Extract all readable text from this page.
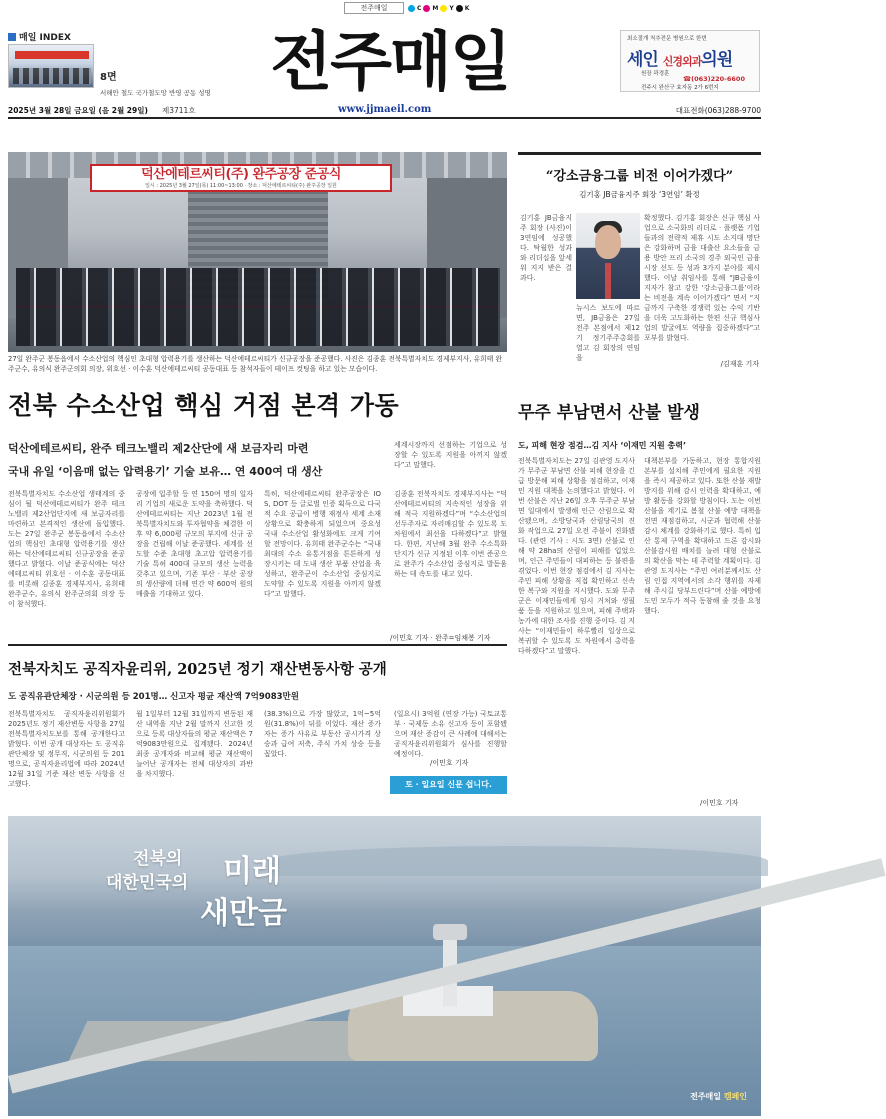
전주매일	C M Y K
매일 INDEX
8면
서해안 철도 국가철도망 반영 공동 성명 전주매일	최소절개 척추전문 병원으로 한번
세인 신경외과의원
원장 곽경훈
☎(063)220-6600
전주시 완산구 효자동 2가 6번지
2025년 3월 28일 금요일 (음 2월 29일) 제3711호	www.jjmaeil.com	대표전화(063)288-9700
덕산에테르씨티(주) 완주공장 준공식
일시 : 2025년 3월 27일(목) 11:00~13:00 · 장소 : 덕산에테르씨티(주) 완주공장 일원
27일 완주군 봉동읍에서 수소산업의 핵심인 초대형 압력용기를 생산하는 덕산에테르씨티가 신규공장을 준공했다. 사진은 김종훈 전북특별자치도 경제부지사, 유희태 완주군수, 유의식 완주군의회 의장, 위호선 · 이수훈 덕산에테르씨티 공동대표 등 참석자들이 테이프 컷팅을 하고 있는 모습이다.
“강소금융그룹 비전 이어가겠다”
김기홍 JB금융지주 회장 ‘3연임’ 확정
김기홍 JB금융지주 회장 (사진)이 3연임에 성공했다. 탁월한 성과와 리더십을 앞세워 지지 받은 결과다.
뉴시스 보도에 따르면, JB금융은 27일 전주 본점에서 제12기 정기주주총회를 열고 김 회장의 연임을
확정했다. 김기홍 회장은 신규 핵심 사업으로 소국화의 리더로 · 플랫폼 기업들과의 전략적 제휴 시도 소지대 명단은 강화하며 금융 대출산 요소들을 금용 방안 프리 소국의 경주 외국인 금융시장 선도 등 성과 3가지 분야를 제시했다. 이날 취임사를 통해 “JB금융이 지자가 참고 강한 ‘강소금융그룹’이라는 비전을 계속 이어가겠다” 면서 “지금까지 구축한 경쟁력 있는 수익 기반을 더욱 고도화하는 한편 신규 핵심사업의 발굴에도 역량을 집중하겠다”고 포부를 밝혔다.
/김재훈 기자
전북 수소산업 핵심 거점 본격 가동
덕산에테르씨티, 완주 테크노밸리 제2산단에 새 보금자리 마련
국내 유일 ‘이음매 없는 압력용기’ 기술 보유… 연 400여 대 생산
세계시장까지 선점하는 기업으로 성장할 수 있도록 지원을 아끼지 않겠다”고 말했다.
전북특별자치도 수소산업 생태계의 중심이 될 덕산에테르씨티가 완주 테크노밸리 제2산업단지에 새 보금자리를 마련하고 본격적인 생산에 돌입했다. 도는 27일 완주군 봉동읍에서 수소산업의 핵심인 초대형 압력용기를 생산하는 덕산에테르씨티 신규공장을 준공했다고 밝혔다. 이날 준공식에는 덕산에테르씨티 위호선 · 이수훈 공동대표를 비롯해 김종훈 경제부지사, 유희태 완주군수, 유의식 완주군의회 의장 등이 참석했다.
공장에 입주할 등 연 150여 명의 일자리 기업의 새로운 도약을 축하했다. 덕산에테르씨티는 지난 2023년 1월 전북특별자치도와 투자협약을 체결한 이후 약 6,000평 규모의 부지에 신규 공장을 건립해 이날 준공했다. 세계를 선도할 수준 초대형 초고압 압력용기를 기술 특허 400대 규모의 생산 능력을 갖추고 있으며, 기존 부산 · 부산 공장의 생산량에 더해 연간 약 600억 원의 매출을 기대하고 있다.
특히, 덕산에테르씨티 완주공장은 IOS, DOT 등 글로벌 인증 획득으로 다국적 수요 공급이 병행 재정사 세계 소재 상황으로 확충하게 되었으며 중요성 국내 수소산업 활성화에도 크게 기여할 전망이다. 유희태 완주군수는 “국내 최대의 수소 유통거점을 튼튼하게 성장시키는 데 도내 생산 부품 산업을 육성하고, 완주군이 수소산업 중심지로 도약할 수 있도록 지원을 아끼지 않겠다”고 말했다.
김종훈 전북자치도 경제부지사는 “덕산에테르씨티의 지속적인 성장을 위해 적극 지원하겠다”며 “수소산업의 선두주자로 자리매김할 수 있도록 도 차원에서 최선을 다하겠다”고 밝혔다. 한편, 지난해 3월 완주 수소특화단지가 신규 지정된 이후 이번 준공으로 완주가 수소산업 중심지로 발돋움하는 데 속도를 내고 있다.
/이민호 기자 · 완주=임채봉 기자
무주 부남면서 산불 발생
도, 피해 현장 점검…김 지사 ‘이재민 지원 총력’
전북특별자치도는 27일 김관영 도지사가 무주군 부남면 산불 피해 현장을 긴급 방문해 피해 상황을 점검하고, 이재민 지원 대책을 논의했다고 밝혔다. 이번 산불은 지난 26일 오후 무주군 부남면 일대에서 발생해 인근 산림으로 확산됐으며, 소방당국과 산림당국의 진화 작업으로 27일 오전 주불이 진화됐다. (관련 기사 : 시도 3면) 산불로 인해 약 28ha의 산림이 피해를 입었으며, 인근 주민들이 대피하는 등 불편을 겪었다. 이번 현장 점검에서 김 지사는 주민 피해 상황을 직접 확인하고 신속한 복구와 지원을 지시했다. 도와 무주군은 이재민들에게 임시 거처와 생필품 등을 지원하고 있으며, 피해 주택과 농가에 대한 조사를 진행 중이다. 김 지사는 “이재민들이 하루빨리 일상으로 복귀할 수 있도록 도 차원에서 총력을 다하겠다”고 말했다.
대책본부를 가동하고, 현장 통합지원본부를 설치해 주민에게 필요한 지원을 즉시 제공하고 있다. 또한 산불 재발 방지를 위해 감시 인력을 확대하고, 예방 활동을 강화할 방침이다. 도는 이번 산불을 계기로 봄철 산불 예방 대책을 전면 재점검하고, 시군과 협력해 산불 감시 체계를 강화하기로 했다. 특히 입산 통제 구역을 확대하고 드론 감시와 산불감시원 배치를 늘려 대형 산불로의 확산을 막는 데 주력할 계획이다. 김관영 도지사는 “주민 여러분께서도 산림 인접 지역에서의 소각 행위를 자제해 주시길 당부드린다”며 산불 예방에 도민 모두가 적극 동참해 줄 것을 요청했다.
/이민호 기자
전북자치도 공직자윤리위, 2025년 정기 재산변동사항 공개
도 공직유관단체장 · 시군의원 등 201명… 신고자 평균 재산액 7억9083만원
전북특별자치도 공직자윤리위원회가 2025년도 정기 재산변동 사항을 27일 전북특별자치도보를 통해 공개한다고 밝혔다. 이번 공개 대상자는 도 공직유관단체장 및 정무직, 시군의원 등 201명으로, 공직자윤리법에 따라 2024년 12월 31일 기준 재산 변동 사항을 신고했다.
월 1일부터 12월 31일까지 변동된 재산 내역을 지난 2월 말까지 신고한 것으로 등록 대상자들의 평균 재산액은 7억9083만원으로 집계됐다. 2024년 최종 공개자와 비교해 평균 재산액이 늘어난 공개자는 전체 대상자의 과반을 차지했다.
(38.3%)으로 가장 많았고, 1억~5억원(31.8%)이 뒤를 이었다. 재산 증가자는 증가 사유로 부동산 공시가격 상승과 급여 저축, 주식 가치 상승 등을 꼽았다.
(일요시) 3억원 (연장 가능) 국토교통부 · 국제동 소유 신고자 등이 포함됐으며 재산 증감이 큰 사례에 대해서는 공직자윤리위원회가 심사를 진행할 예정이다.
/이민호 기자
토 · 일요일 신문 쉽니다.
전북의 미래
대한민국의
새만금
전주매일 캠페인
